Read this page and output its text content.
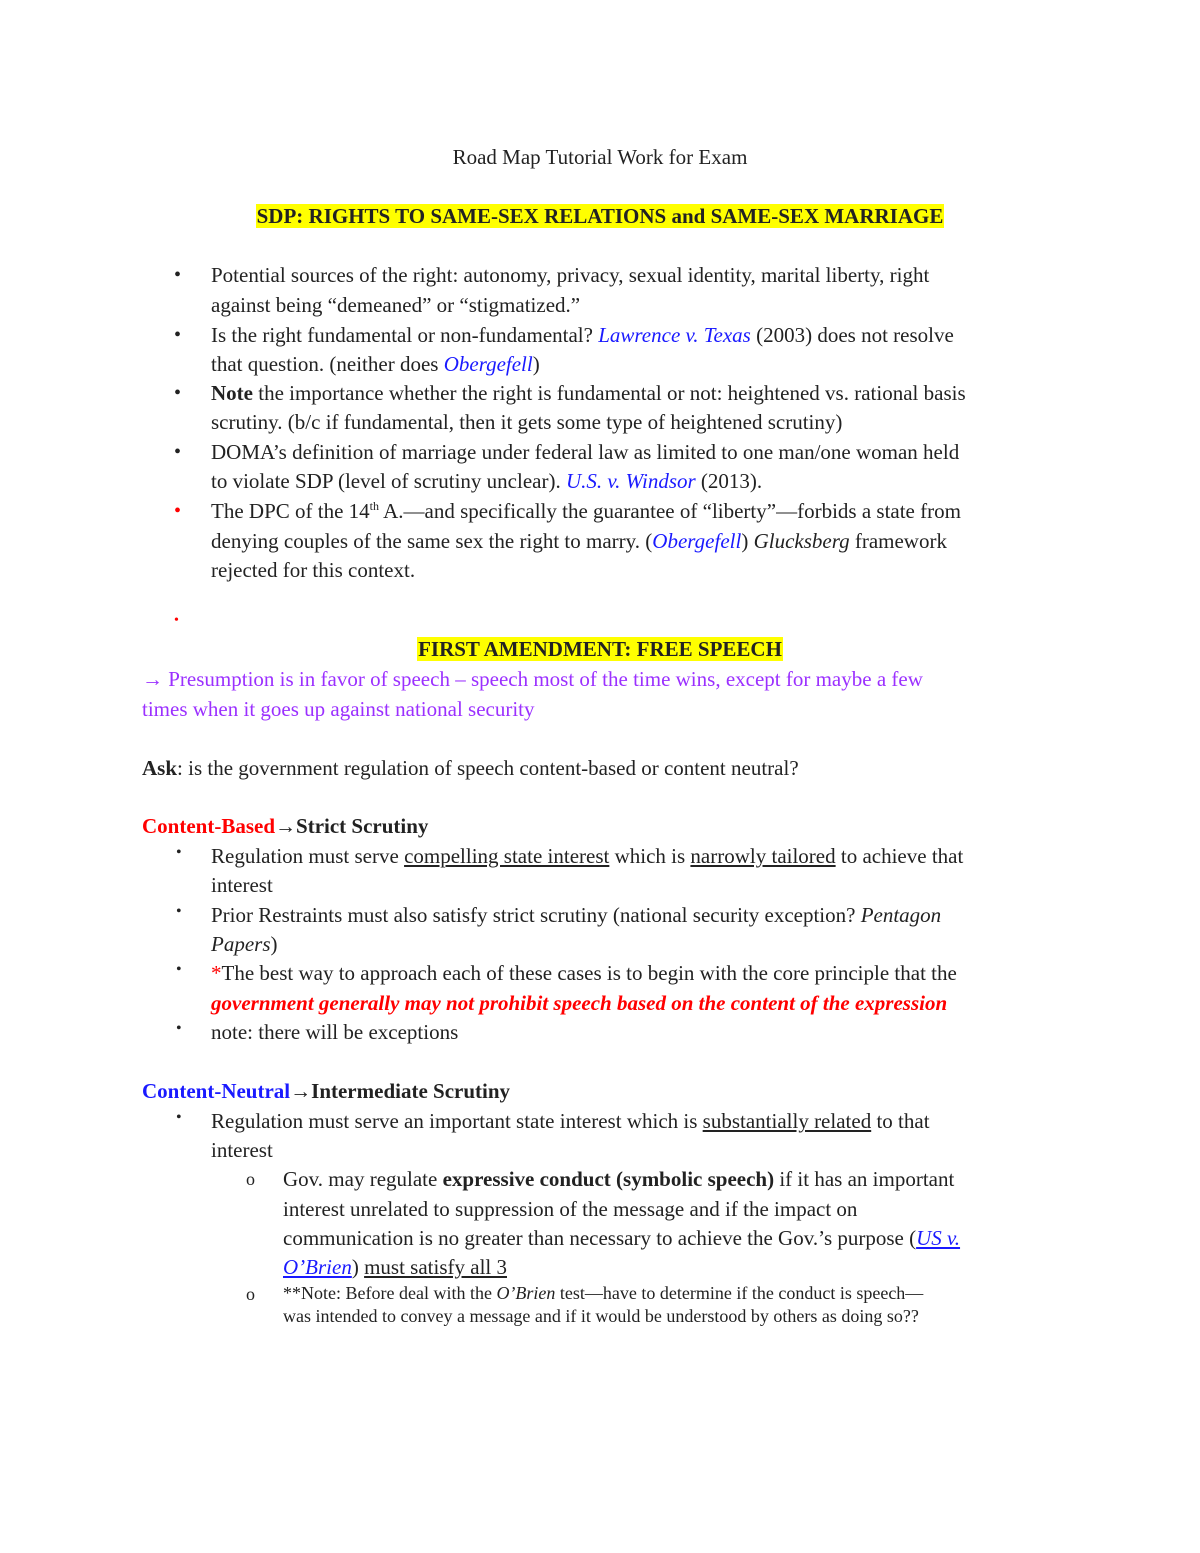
Road Map Tutorial Work for Exam
SDP: RIGHTS TO SAME-SEX RELATIONS and SAME-SEX MARRIAGE
• Potential sources of the right: autonomy, privacy, sexual identity, marital liberty, right
against being “demeaned” or “stigmatized.”
• Is the right fundamental or non-fundamental? Lawrence v. Texas (2003) does not resolve
that question. (neither does Obergefell)
• Note the importance whether the right is fundamental or not: heightened vs. rational basis
scrutiny. (b/c if fundamental, then it gets some type of heightened scrutiny)
• DOMA’s definition of marriage under federal law as limited to one man/one woman held
to violate SDP (level of scrutiny unclear). U.S. v. Windsor (2013).
• The DPC of the 14th A.—and specifically the guarantee of “liberty”—forbids a state from
denying couples of the same sex the right to marry. (Obergefell) Glucksberg framework
rejected for this context.
•
FIRST AMENDMENT: FREE SPEECH
→ Presumption is in favor of speech – speech most of the time wins, except for maybe a few
times when it goes up against national security
Ask: is the government regulation of speech content-based or content neutral?
Content-Based→Strict Scrutiny
• Regulation must serve compelling state interest which is narrowly tailored to achieve that
interest
• Prior Restraints must also satisfy strict scrutiny (national security exception? Pentagon
Papers)
• *The best way to approach each of these cases is to begin with the core principle that the
government generally may not prohibit speech based on the content of the expression
• note: there will be exceptions
Content-Neutral→Intermediate Scrutiny
• Regulation must serve an important state interest which is substantially related to that
interest
o Gov. may regulate expressive conduct (symbolic speech) if it has an important
interest unrelated to suppression of the message and if the impact on
communication is no greater than necessary to achieve the Gov.’s purpose (US v.
O’Brien) must satisfy all 3
o **Note: Before deal with the O’Brien test—have to determine if the conduct is speech—
was intended to convey a message and if it would be understood by others as doing so??
